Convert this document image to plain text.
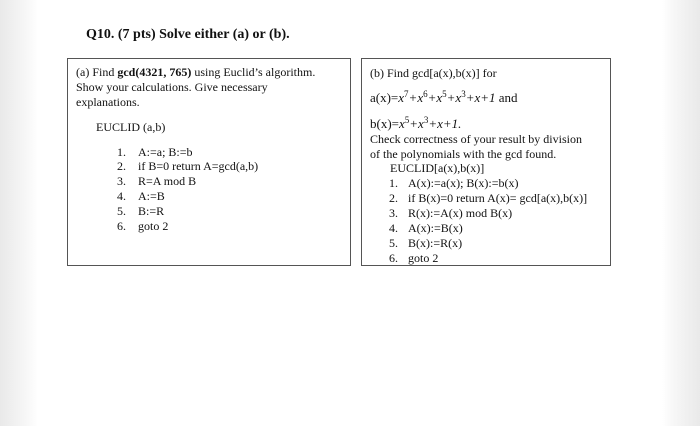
Q10. (7 pts) Solve either (a) or (b).
(a) Find gcd(4321, 765) using Euclid’s algorithm.
Show your calculations. Give necessary
explanations.
EUCLID (a,b)
1. A:=a; B:=b
2. if B=0 return A=gcd(a,b)
3. R=A mod B
4. A:=B
5. B:=R
6. goto 2
(b) Find gcd[a(x),b(x)] for
$a(x)=x^7+x^6+x^5+x^3+x+1$ and
$b(x)=x^5+x^3+x+1$.
Check correctness of your result by division
of the polynomials with the gcd found.
EUCLID[a(x),b(x)]
1. A(x):=a(x); B(x):=b(x)
2. if B(x)=0 return A(x)= gcd[a(x),b(x)]
3. R(x):=A(x) mod B(x)
4. A(x):=B(x)
5. B(x):=R(x)
6. goto 2
